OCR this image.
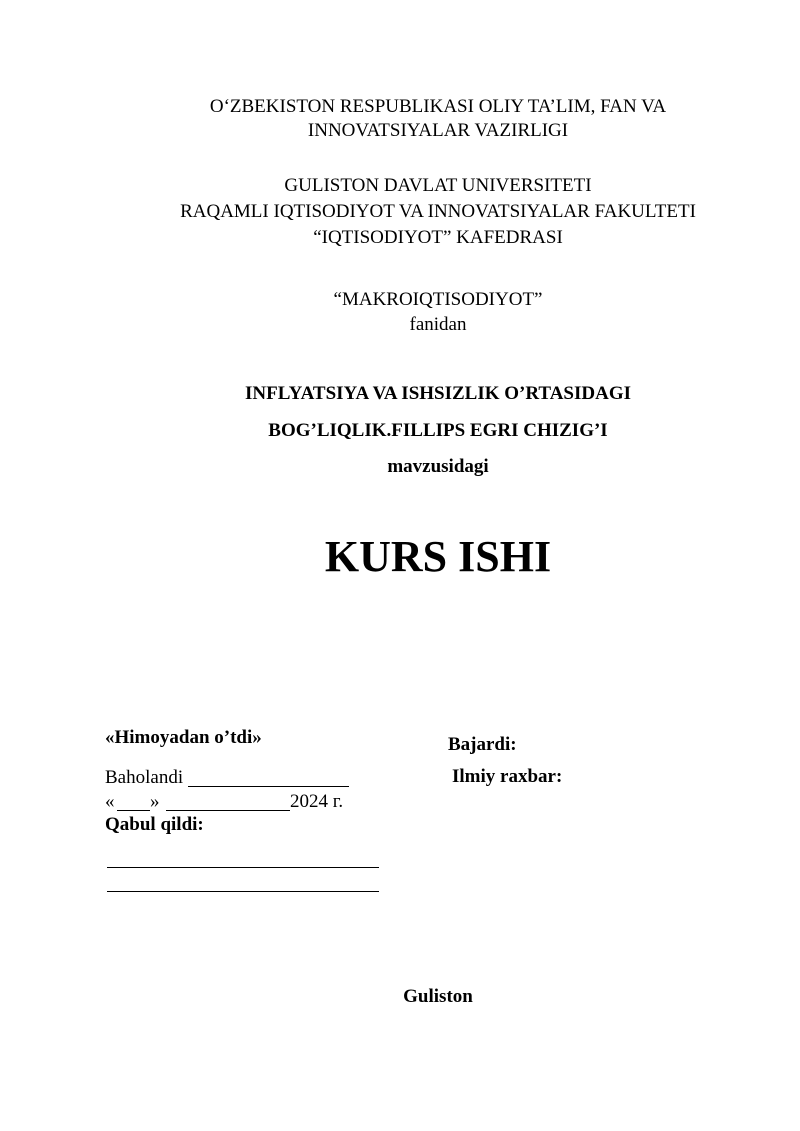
O‘ZBEKISTON RESPUBLIKASI OLIY TA’LIM, FAN VA
INNOVATSIYALAR VAZIRLIGI
GULISTON DAVLAT UNIVERSITETI
RAQAMLI IQTISODIYOT VA INNOVATSIYALAR FAKULTETI
“IQTISODIYOT” KAFEDRASI
“MAKROIQTISODIYOT”
fanidan
INFLYATSIYA VA ISHSIZLIK O’RTASIDAGI
BOG’LIQLIK.FILLIPS EGRI CHIZIG’I
mavzusidagi
KURS ISHI
«Himoyadan o’tdi»
Baholandi
« »	2024 г.
Qabul qildi:
Bajardi:
Ilmiy raxbar:
Guliston
